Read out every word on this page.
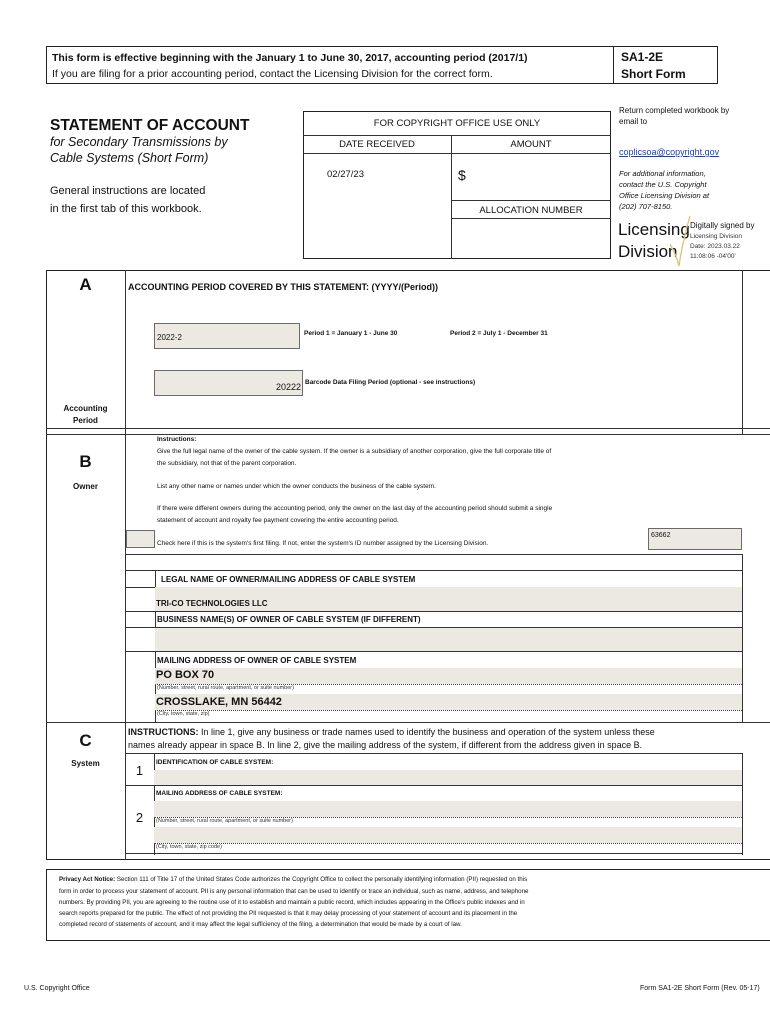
This form is effective beginning with the January 1 to June 30, 2017, accounting period (2017/1)
If you are filing for a prior accounting period, contact the Licensing Division for the correct form.
SA1-2E
Short Form
STATEMENT OF ACCOUNT
for Secondary Transmissions by
Cable Systems (Short Form)
General instructions are located
in the first tab of this workbook.
FOR COPYRIGHT OFFICE USE ONLY
DATE RECEIVED	AMOUNT
02/27/23	$
ALLOCATION NUMBER
Return completed workbook by
email to
coplicsoa@copyright.gov
For additional information,
contact the U.S. Copyright
Office Licensing Division at
(202) 707-8150.
Licensing
Division
Digitally signed by
Licensing Division
Date: 2023.03.22
11:08:06 -04'00'
A
Accounting
Period
ACCOUNTING PERIOD COVERED BY THIS STATEMENT: (YYYY/(Period))
2022-2	Period 1 = January 1 - June 30	Period 2 = July 1 - December 31
20222 Barcode Data Filing Period (optional - see instructions)
B
Owner
Instructions:
Give the full legal name of the owner of the cable system. If the owner is a subsidiary of another corporation, give the full corporate title of
the subsidiary, not that of the parent corporation.
List any other name or names under which the owner conducts the business of the cable system.
If there were different owners during the accounting period, only the owner on the last day of the accounting period should submit a single
statement of account and royalty fee payment covering the entire accounting period.
Check here if this is the system's first filing. If not, enter the system's ID number assigned by the Licensing Division.
63662
LEGAL NAME OF OWNER/MAILING ADDRESS OF CABLE SYSTEM
TRI-CO TECHNOLOGIES LLC
BUSINESS NAME(S) OF OWNER OF CABLE SYSTEM (IF DIFFERENT)
MAILING ADDRESS OF OWNER OF CABLE SYSTEM
PO BOX 70
(Number, street, rural route, apartment, or suite number)
CROSSLAKE, MN 56442
(City, town, state, zip)
C
System
INSTRUCTIONS: In line 1, give any business or trade names used to identify the business and operation of the system unless these
names already appear in space B. In line 2, give the mailing address of the system, if different from the address given in space B.
1
IDENTIFICATION OF CABLE SYSTEM:
2
MAILING ADDRESS OF CABLE SYSTEM:
(Number, street, rural route, apartment, or suite number)
(City, town, state, zip code)
Privacy Act Notice: Section 111 of Title 17 of the United States Code authorizes the Copyright Office to collect the personally identifying information (PII) requested on this
form in order to process your statement of account. PII is any personal information that can be used to identify or trace an individual, such as name, address, and telephone
numbers. By providing PII, you are agreeing to the routine use of it to establish and maintain a public record, which includes appearing in the Office's public indexes and in
search reports prepared for the public. The effect of not providing the PII requested is that it may delay processing of your statement of account and its placement in the
completed record of statements of account, and it may affect the legal sufficiency of the filing, a determination that would be made by a court of law.
U.S. Copyright Office	Form SA1-2E Short Form (Rev. 05-17)
